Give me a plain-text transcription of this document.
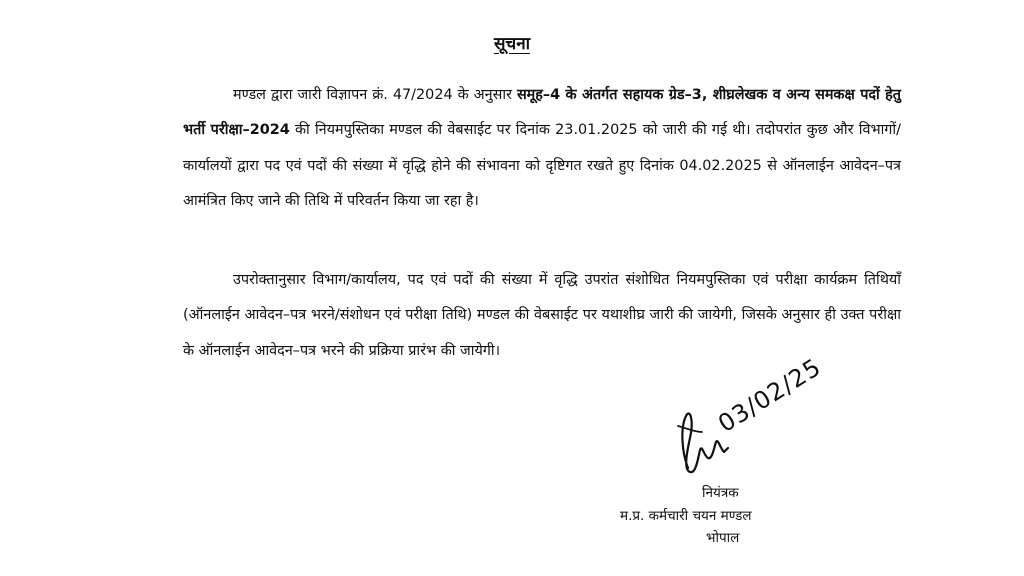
सूचना

मण्डल द्वारा जारी विज्ञापन क्रं. 47/2024 के अनुसार समूह–4 के अंतर्गत सहायक ग्रेड–3, शीघ्रलेखक व अन्य समकक्ष पदों हेतु भर्ती परीक्षा–2024 की नियमपुस्तिका मण्डल की वेबसाईट पर दिनांक 23.01.2025 को जारी की गई थी। तदोपरांत कुछ और विभागों/कार्यालयों द्वारा पद एवं पदों की संख्या में वृद्धि होने की संभावना को दृष्टिगत रखते हुए दिनांक 04.02.2025 से ऑनलाईन आवेदन–पत्र आमंत्रित किए जाने की तिथि में परिवर्तन किया जा रहा है।

उपरोक्तानुसार विभाग/कार्यालय, पद एवं पदों की संख्या में वृद्धि उपरांत संशोधित नियमपुस्तिका एवं परीक्षा कार्यक्रम तिथियाँ (ऑनलाईन आवेदन–पत्र भरने/संशोधन एवं परीक्षा तिथि) मण्डल की वेबसाईट पर यथाशीघ्र जारी की जायेगी, जिसके अनुसार ही उक्त परीक्षा के ऑनलाईन आवेदन–पत्र भरने की प्रक्रिया प्रारंभ की जायेगी।

03/02/25
नियंत्रक
म.प्र. कर्मचारी चयन मण्डल
भोपाल
